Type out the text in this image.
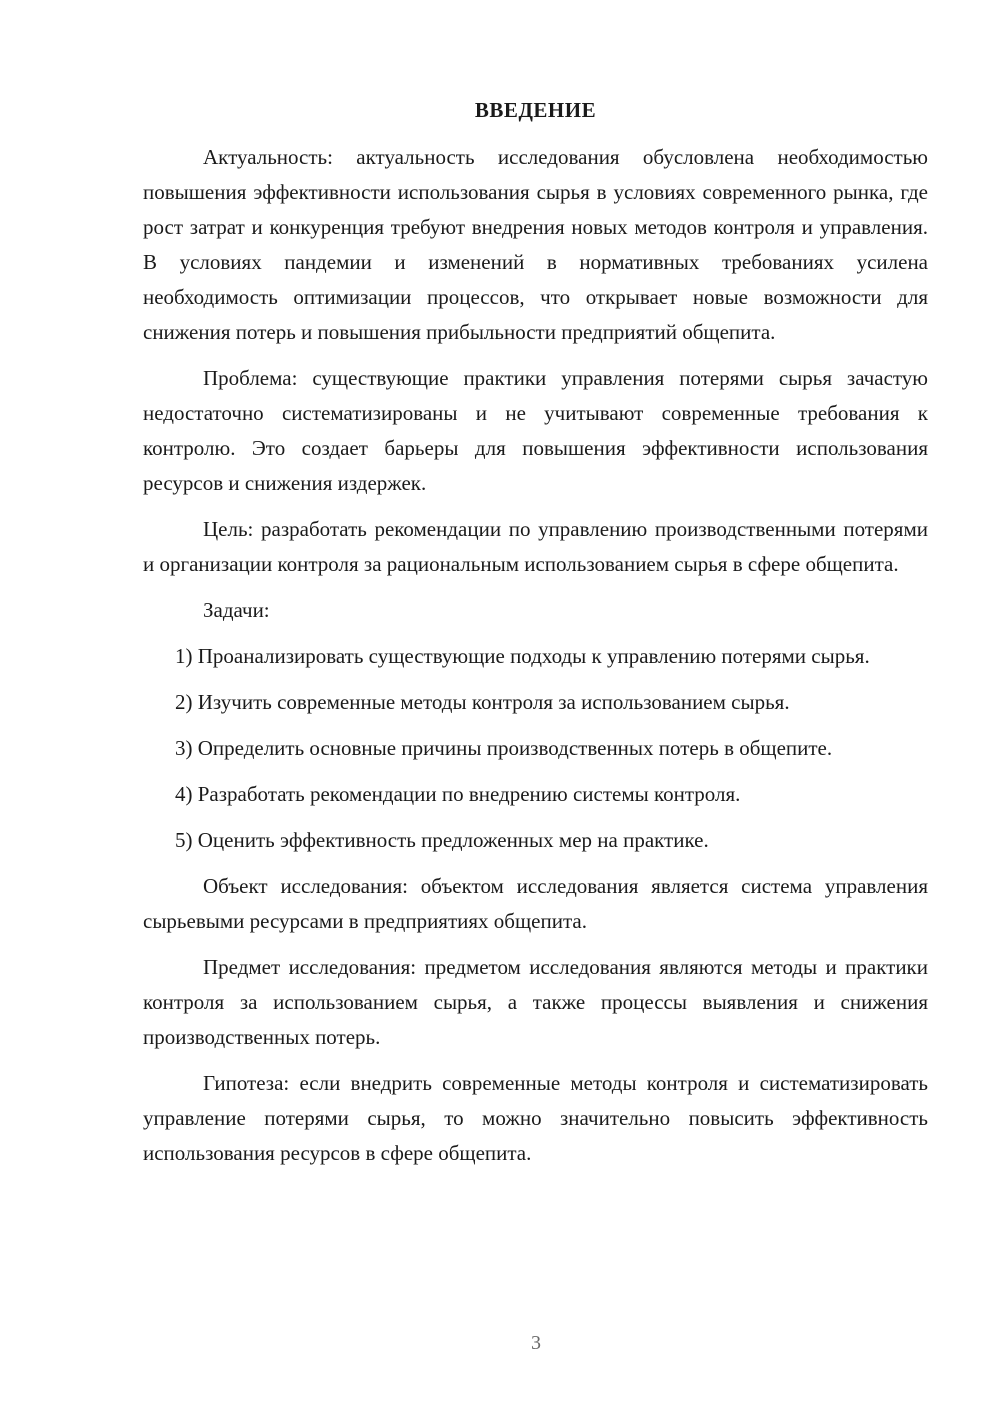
ВВЕДЕНИЕ

Актуальность: актуальность исследования обусловлена необходимостью повышения эффективности использования сырья в условиях современного рынка, где рост затрат и конкуренция требуют внедрения новых методов контроля и управления. В условиях пандемии и изменений в нормативных требованиях усилена необходимость оптимизации процессов, что открывает новые возможности для снижения потерь и повышения прибыльности предприятий общепита.

Проблема: существующие практики управления потерями сырья зачастую недостаточно систематизированы и не учитывают современные требования к контролю. Это создает барьеры для повышения эффективности использования ресурсов и снижения издержек.

Цель: разработать рекомендации по управлению производственными потерями и организации контроля за рациональным использованием сырья в сфере общепита.

Задачи:

1) Проанализировать существующие подходы к управлению потерями сырья.

2) Изучить современные методы контроля за использованием сырья.

3) Определить основные причины производственных потерь в общепите.

4) Разработать рекомендации по внедрению системы контроля.

5) Оценить эффективность предложенных мер на практике.

Объект исследования: объектом исследования является система управления сырьевыми ресурсами в предприятиях общепита.

Предмет исследования: предметом исследования являются методы и практики контроля за использованием сырья, а также процессы выявления и снижения производственных потерь.

Гипотеза: если внедрить современные методы контроля и систематизировать управление потерями сырья, то можно значительно повысить эффективность использования ресурсов в сфере общепита.

3
